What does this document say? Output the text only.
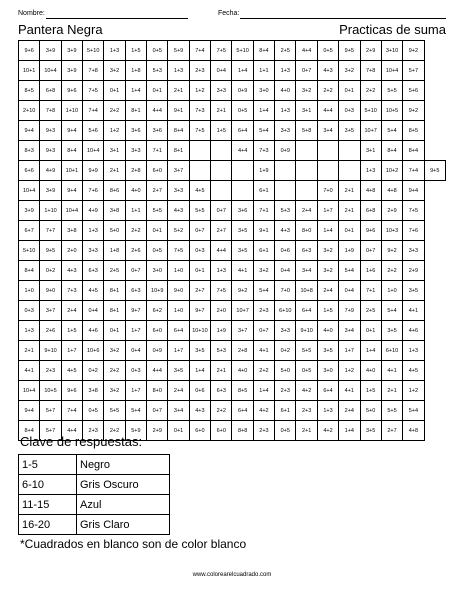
Nombre:	Fecha:
Pantera Negra	Practicas de suma
9+6	3+9	3+9	5+10	1+3	1+5	0+5	5+9	7+4	7+5	5+10	8+4	2+5	4+4	0+5	9+5	2+9	3+10	9+2	
10+1	10+4	3+9	7+8	3+2	1+8	5+3	1+3	2+3	0+4	1+4	1+1	1+3	0+7	4+3	3+2	7+8	10+4	5+7	
8+5	6+8	9+6	7+5	0+1	1+4	0+1	2+1	1+2	3+3	0+9	3+0	4+0	3+2	2+2	0+1	2+2	5+5	5+6	
2+10	7+8	1+10	7+4	2+2	8+1	4+4	9+1	7+3	2+1	0+5	1+4	1+3	3+1	4+4	0+3	5+10	10+5	9+2	
9+4	9+3	9+4	5+6	1+2	3+6	3+6	8+4	7+5	1+5	6+4	5+4	3+3	5+8	3+4	3+5	10+7	5+4	8+5	
8+3	9+3	8+4	10+4	3+1	3+3	7+1	8+1			4+4	7+3	0+9				3+1	8+4	8+4	
6+6	4+9	10+1	9+9	2+1	2+8	6+0	3+7				1+9					1+3	10+2	7+4	9+5
10+4	3+9	9+4	7+6	8+6	4+0	2+7	3+3	4+5			6+1			7+0	2+1	4+8	4+8	9+4	
3+9	1+10	10+4	4+9	3+8	1+1	5+5	4+3	5+5	0+7	3+6	7+1	5+3	2+4	1+7	2+1	6+8	2+9	7+5	
6+7	7+7	3+8	1+3	5+0	2+2	0+1	5+2	0+7	2+7	3+5	9+1	4+3	8+0	1+4	0+1	9+6	10+3	7+6	
5+10	9+5	2+0	3+3	1+8	2+6	0+5	7+5	0+3	4+4	3+5	6+1	0+6	6+3	3+2	1+9	0+7	9+2	3+3	
8+4	0+2	4+3	6+3	2+5	0+7	3+0	1+0	0+1	1+3	4+1	3+2	0+4	3+4	3+2	5+4	1+6	2+2	2+9	
1+0	9+0	7+3	4+5	8+1	6+3	10+9	9+0	2+7	7+5	9+2	5+4	7+0	10+8	2+4	0+4	7+1	1+0	3+5	
0+3	3+7	2+4	0+4	8+1	9+7	6+2	1+0	9+7	2+0	10+7	2+3	6+10	6+4	1+5	7+9	2+5	5+4	4+1	
1+3	2+6	1+5	4+6	0+1	1+7	6+0	6+4	10+10	1+9	3+7	0+7	3+3	9+10	4+0	3+4	0+1	3+5	4+6	
2+1	9+10	1+7	10+6	3+2	0+4	0+9	1+7	3+5	5+3	2+8	4+1	0+2	5+5	3+5	1+7	1+4	6+10	1+3	
4+1	2+3	4+5	0+2	2+2	0+3	4+4	3+5	1+4	2+1	4+0	2+2	5+0	0+5	3+0	1+2	4+0	4+1	4+5	
10+4	10+5	9+6	3+8	3+2	1+7	8+0	2+4	0+6	6+3	8+5	1+4	2+3	4+2	6+4	4+1	1+5	2+1	1+2	
9+4	5+7	7+4	0+5	5+5	5+4	0+7	3+4	4+3	2+2	6+4	4+2	6+1	2+3	1+3	2+4	5+0	5+5	5+4	
8+4	5+7	4+4	2+3	2+2	5+9	2+9	0+1	6+0	6+0	8+8	2+3	0+5	2+1	4+2	1+4	3+5	2+7	4+8	
Clave de respuestas:
1-5	Negro
6-10	Gris Oscuro
11-15	Azul
16-20	Gris Claro
*Cuadrados en blanco son de color blanco
www.colorearelcuadrado.com
